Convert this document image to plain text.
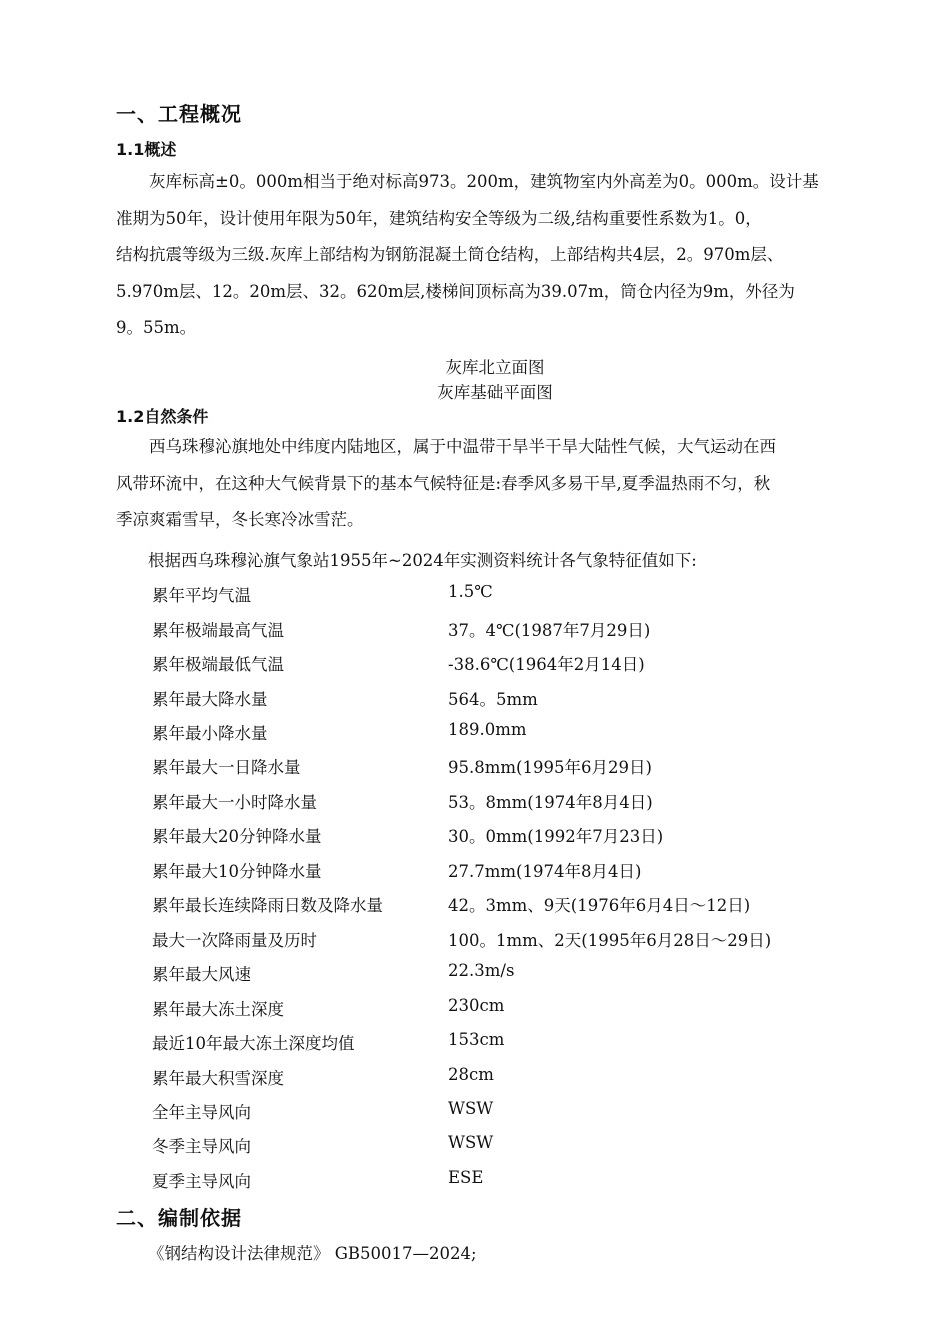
一、工程概况
1.1概述
灰库标高±0。000m相当于绝对标高973。200m，建筑物室内外高差为0。000m。设计基
准期为50年，设计使用年限为50年，建筑结构安全等级为二级,结构重要性系数为1。0，
结构抗震等级为三级.灰库上部结构为钢筋混凝土筒仓结构，上部结构共4层，2。970m层、
5.970m层、12。20m层、32。620m层,楼梯间顶标高为39.07m，筒仓内径为9m，外径为
9。55m。
灰库北立面图
灰库基础平面图
1.2自然条件
西乌珠穆沁旗地处中纬度内陆地区，属于中温带干旱半干旱大陆性气候，大气运动在西
风带环流中，在这种大气候背景下的基本气候特征是:春季风多易干旱,夏季温热雨不匀，秋
季凉爽霜雪早，冬长寒冷冰雪茫。
根据西乌珠穆沁旗气象站1955年~2024年实测资料统计各气象特征值如下:
累年平均气温	1.5℃
累年极端最高气温	37。4℃(1987年7月29日)
累年极端最低气温	-38.6℃(1964年2月14日)
累年最大降水量	564。5mm
累年最小降水量	189.0mm
累年最大一日降水量	95.8mm(1995年6月29日)
累年最大一小时降水量	53。8mm(1974年8月4日)
累年最大20分钟降水量	30。0mm(1992年7月23日)
累年最大10分钟降水量	27.7mm(1974年8月4日)
累年最长连续降雨日数及降水量	42。3mm、9天(1976年6月4日～12日)
最大一次降雨量及历时	100。1mm、2天(1995年6月28日～29日)
累年最大风速	22.3m/s
累年最大冻土深度	230cm
最近10年最大冻土深度均值	153cm
累年最大积雪深度	28cm
全年主导风向	WSW
冬季主导风向	WSW
夏季主导风向	ESE
二、编制依据
《钢结构设计法律规范》 GB50017—2024;
